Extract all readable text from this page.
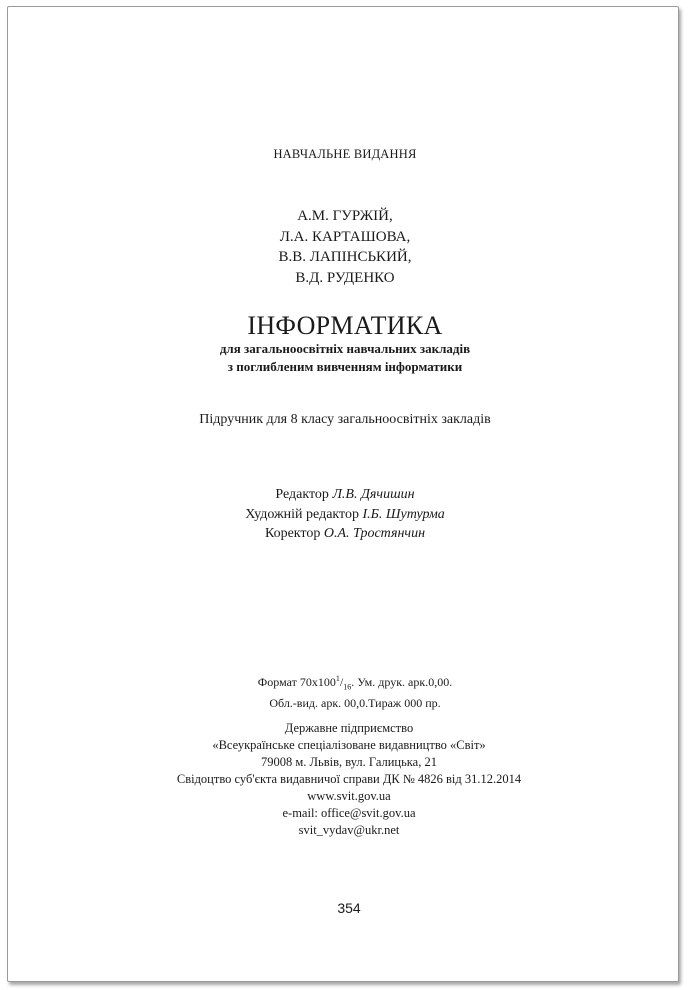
НАВЧАЛЬНЕ ВИДАННЯ
А.М. ГУРЖІЙ,
Л.А. КАРТАШОВА,
В.В. ЛАПІНСЬКИЙ,
В.Д. РУДЕНКО
ІНФОРМАТИКА
для загальноосвітніх навчальних закладів
з поглибленим вивченням інформатики
Підручник для 8 класу загальноосвітніх закладів
Редактор Л.В. Дячишин
Художній редактор І.Б. Шутурма
Коректор О.А. Тростянчин
Формат $70x100^1/_{16}$. Ум. друк. арк.0,00.
Обл.-вид. арк. 00,0.Тираж 000 пр.
Державне підприємство
«Всеукраїнське спеціалізоване видавництво «Світ»
79008 м. Львів, вул. Галицька, 21
Свідоцтво суб'єкта видавничої справи ДК № 4826 від 31.12.2014
www.svit.gov.ua
e-mail: office@svit.gov.ua
svit_vydav@ukr.net
354
